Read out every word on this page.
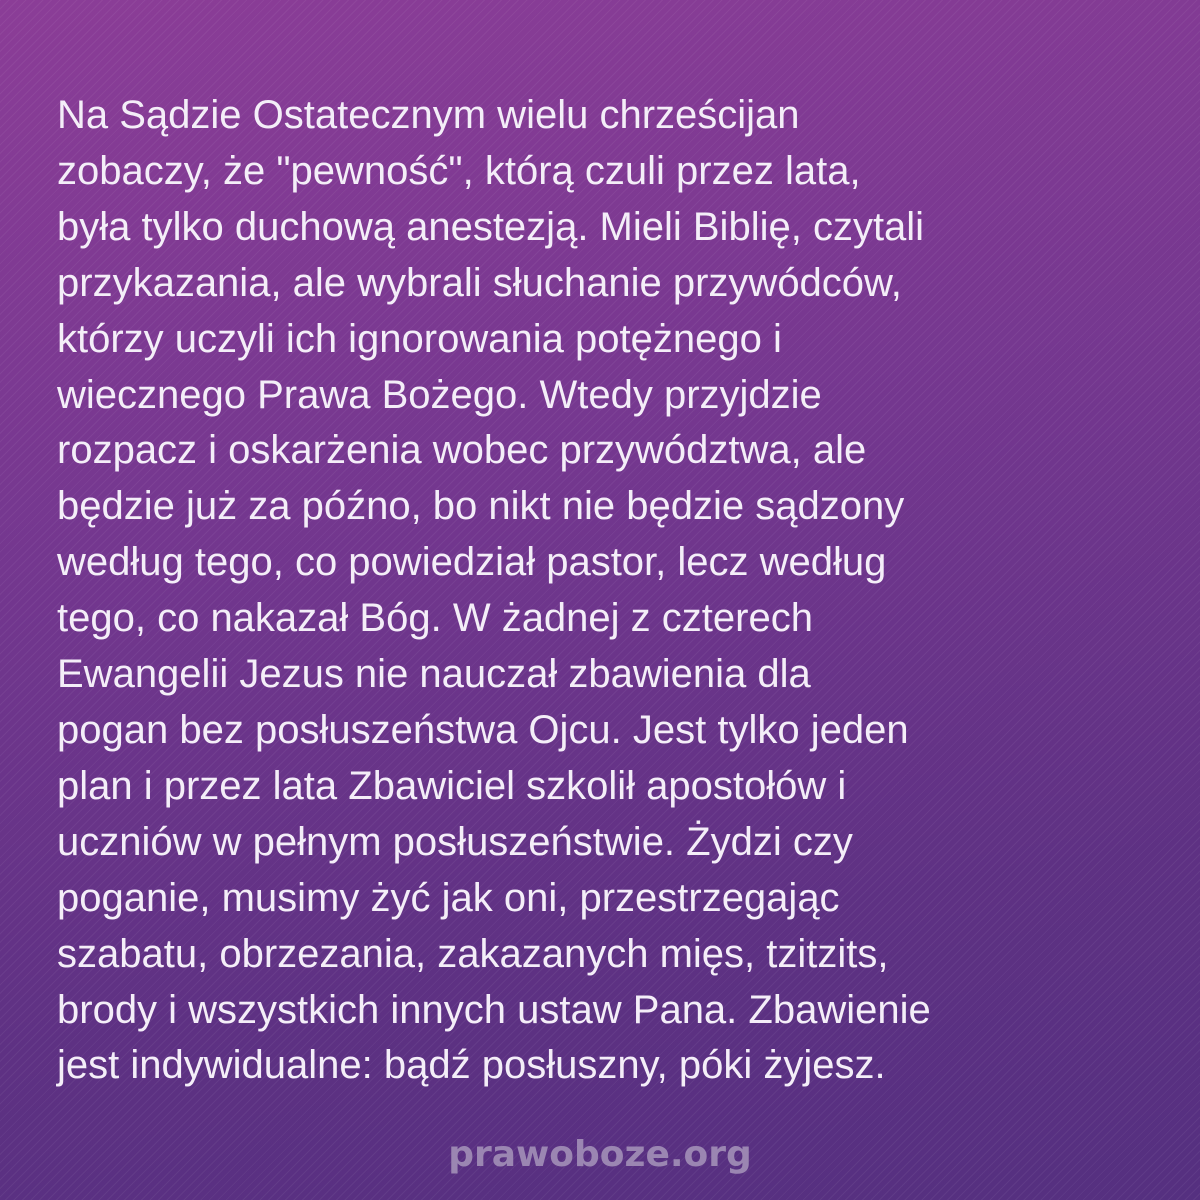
Na Sądzie Ostatecznym wielu chrześcijan
zobaczy, że "pewność", którą czuli przez lata,
była tylko duchową anestezją. Mieli Biblię, czytali
przykazania, ale wybrali słuchanie przywódców,
którzy uczyli ich ignorowania potężnego i
wiecznego Prawa Bożego. Wtedy przyjdzie
rozpacz i oskarżenia wobec przywództwa, ale
będzie już za późno, bo nikt nie będzie sądzony
według tego, co powiedział pastor, lecz według
tego, co nakazał Bóg. W żadnej z czterech
Ewangelii Jezus nie nauczał zbawienia dla
pogan bez posłuszeństwa Ojcu. Jest tylko jeden
plan i przez lata Zbawiciel szkolił apostołów i
uczniów w pełnym posłuszeństwie. Żydzi czy
poganie, musimy żyć jak oni, przestrzegając
szabatu, obrzezania, zakazanych mięs, tzitzits,
brody i wszystkich innych ustaw Pana. Zbawienie
jest indywidualne: bądź posłuszny, póki żyjesz.
prawoboze.org
